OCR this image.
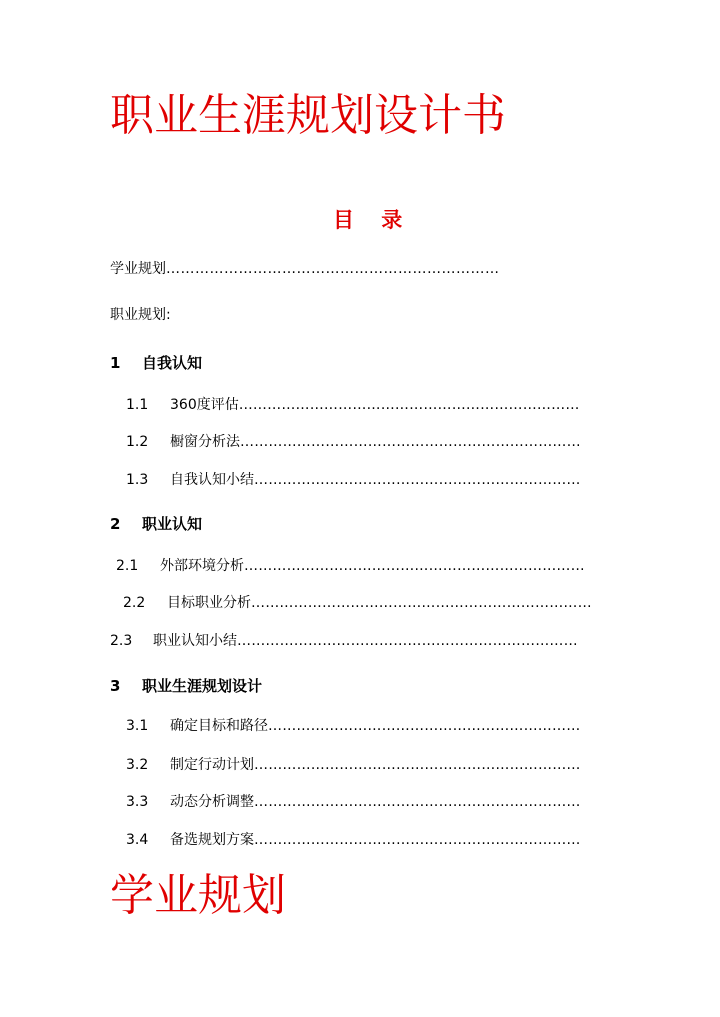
职业生涯规划设计书
目 录
学业规划……………………………………………………………
职业规划:
1 自我认知
1.1 360度评估………………………………………………………………
1.2 橱窗分析法………………………………………………………………
1.3 自我认知小结……………………………………………………………
2 职业认知
2.1 外部环境分析………………………………………………………………
2.2 目标职业分析………………………………………………………………
2.3 职业认知小结………………………………………………………………
3 职业生涯规划设计
3.1 确定目标和路径…………………………………………………………
3.2 制定行动计划……………………………………………………………
3.3 动态分析调整……………………………………………………………
3.4 备选规划方案……………………………………………………………
学业规划
